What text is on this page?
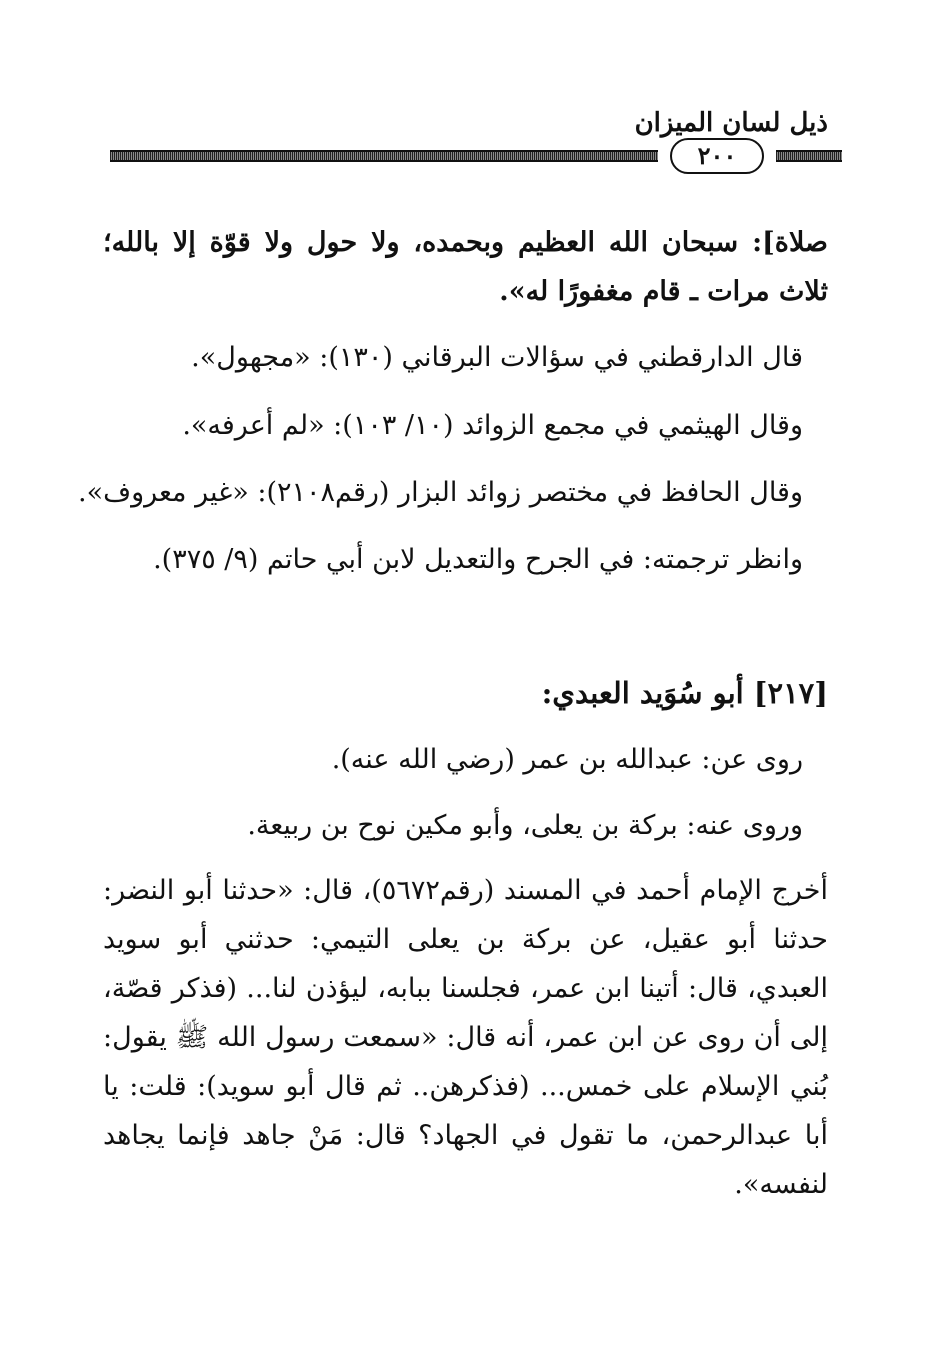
ذيل لسان الميزان
٢٠٠
صلاة]: سبحان الله العظيم وبحمده، ولا حول ولا قوّة إلا بالله؛ ثلاث مرات ـ قام مغفورًا له».
قال الدارقطني في سؤالات البرقاني (١٣٠): «مجهول».
وقال الهيثمي في مجمع الزوائد (١٠/ ١٠٣): «لم أعرفه».
وقال الحافظ في مختصر زوائد البزار (رقم٢١٠٨): «غير معروف».
وانظر ترجمته: في الجرح والتعديل لابن أبي حاتم (٩/ ٣٧٥).
[٢١٧] أبو سُوَيد العبدي:
روى عن: عبدالله بن عمر (رضي الله عنه).
وروى عنه: بركة بن يعلى، وأبو مكين نوح بن ربيعة.
أخرج الإمام أحمد في المسند (رقم٥٦٧٢)، قال: «حدثنا أبو النضر: حدثنا أبو عقيل، عن بركة بن يعلى التيمي: حدثني أبو سويد العبدي، قال: أتينا ابن عمر، فجلسنا ببابه، ليؤذن لنا... (فذكر قصّة، إلى أن روى عن ابن عمر، أنه قال: «سمعت رسول الله ﷺ يقول: بُني الإسلام على خمس... (فذكرهن.. ثم قال أبو سويد): قلت: يا أبا عبدالرحمن، ما تقول في الجهاد؟ قال: مَنْ جاهد فإنما يجاهد لنفسه».
